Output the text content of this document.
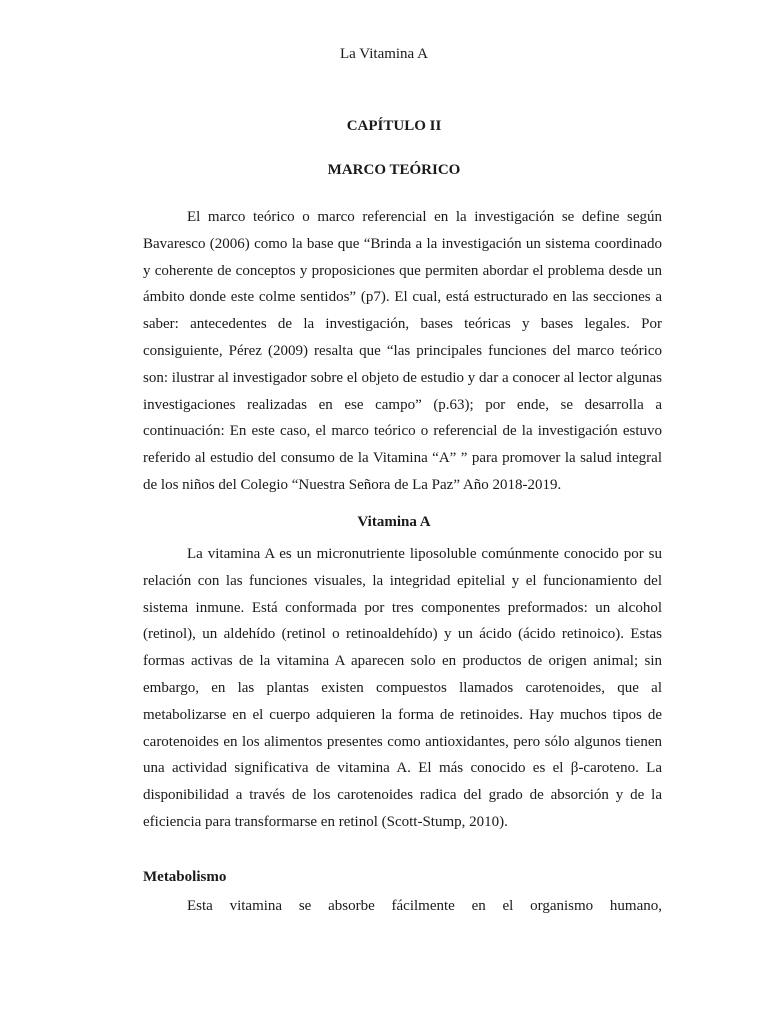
La Vitamina A
CAPÍTULO II
MARCO TEÓRICO

El marco teórico o marco referencial en la investigación se define según Bavaresco (2006) como la base que “Brinda a la investigación un sistema coordinado y coherente de conceptos y proposiciones que permiten abordar el problema desde un ámbito donde este colme sentidos” (p7). El cual, está estructurado en las secciones a saber: antecedentes de la investigación, bases teóricas y bases legales. Por consiguiente, Pérez (2009) resalta que “las principales funciones del marco teórico son: ilustrar al investigador sobre el objeto de estudio y dar a conocer al lector algunas investigaciones realizadas en ese campo” (p.63); por ende, se desarrolla a continuación: En este caso, el marco teórico o referencial de la investigación estuvo referido al estudio del consumo de la Vitamina “A” ” para promover la salud integral de los niños del Colegio “Nuestra Señora de La Paz” Año 2018-2019.

Vitamina A

La vitamina A es un micronutriente liposoluble comúnmente conocido por su relación con las funciones visuales, la integridad epitelial y el funcionamiento del sistema inmune. Está conformada por tres componentes preformados: un alcohol (retinol), un aldehído (retinol o retinoaldehído) y un ácido (ácido retinoico). Estas formas activas de la vitamina A aparecen solo en productos de origen animal; sin embargo, en las plantas existen compuestos llamados carotenoides, que al metabolizarse en el cuerpo adquieren la forma de retinoides. Hay muchos tipos de carotenoides en los alimentos presentes como antioxidantes, pero sólo algunos tienen una actividad significativa de vitamina A. El más conocido es el β-caroteno. La disponibilidad a través de los carotenoides radica del grado de absorción y de la eficiencia para transformarse en retinol (Scott-Stump, 2010).

Metabolismo

Esta vitamina se absorbe fácilmente en el organismo humano,
